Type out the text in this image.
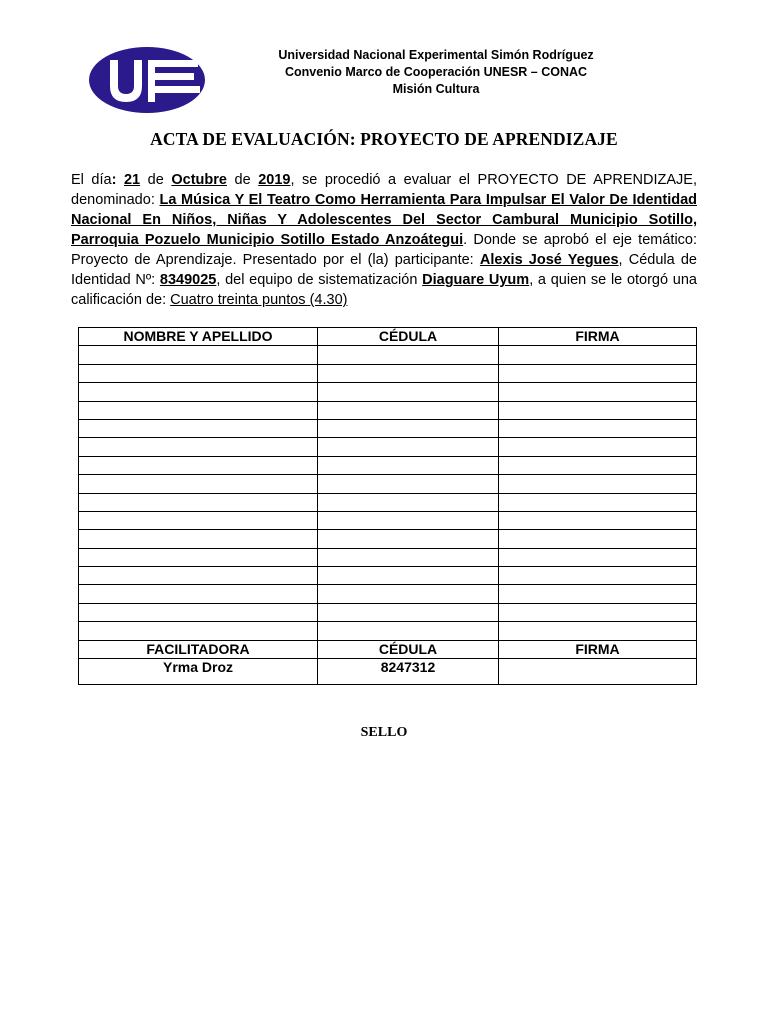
Universidad Nacional Experimental Simón Rodríguez
Convenio Marco de Cooperación UNESR – CONAC
Misión Cultura
ACTA DE EVALUACIÓN: PROYECTO DE APRENDIZAJE
El día: 21 de Octubre de 2019, se procedió a evaluar el PROYECTO DE APRENDIZAJE, denominado: La Música Y El Teatro Como Herramienta Para Impulsar El Valor De Identidad Nacional En Niños, Niñas Y Adolescentes Del Sector Cambural Municipio Sotillo, Parroquia Pozuelo Municipio Sotillo Estado Anzoátegui. Donde se aprobó el eje temático: Proyecto de Aprendizaje. Presentado por el (la) participante: Alexis José Yegues, Cédula de Identidad Nº: 8349025, del equipo de sistematización Diaguare Uyum, a quien se le otorgó una calificación de: Cuatro treinta puntos (4.30)
NOMBRE Y APELLIDO	CÉDULA	FIRMA

FACILITADORA	CÉDULA	FIRMA
Yrma Droz	8247312	
SELLO
